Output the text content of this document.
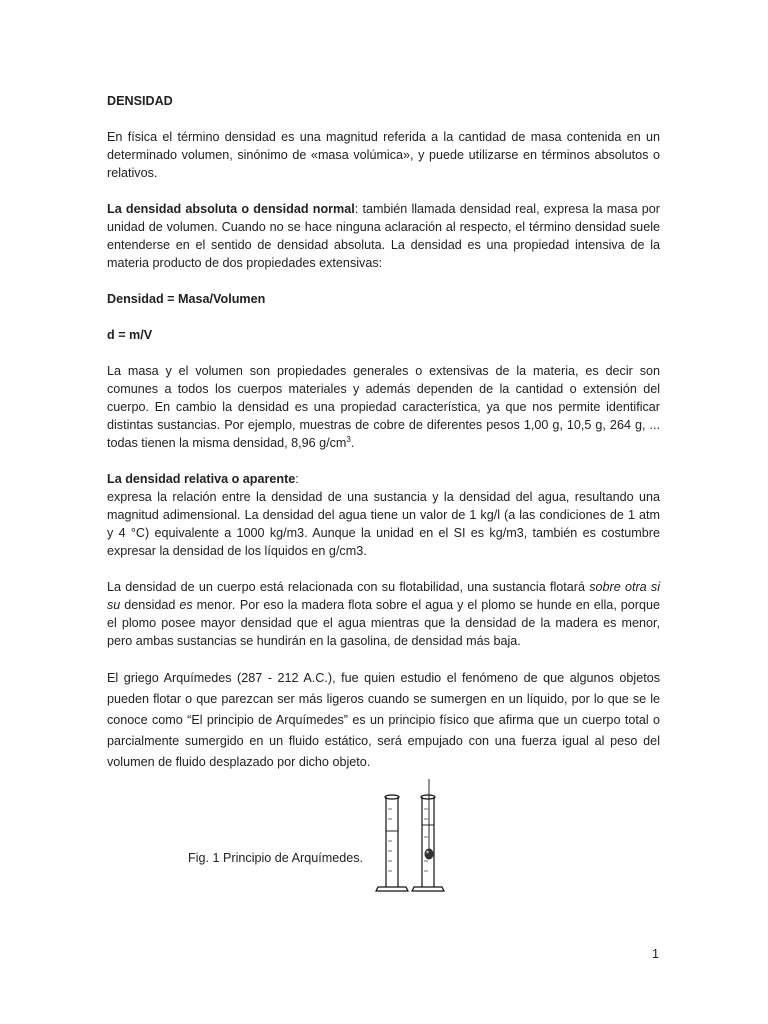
DENSIDAD

En física el término densidad es una magnitud referida a la cantidad de masa contenida en un determinado volumen, sinónimo de «masa volúmica», y puede utilizarse en términos absolutos o relativos.

La densidad absoluta o densidad normal: también llamada densidad real, expresa la masa por unidad de volumen. Cuando no se hace ninguna aclaración al respecto, el término densidad suele entenderse en el sentido de densidad absoluta. La densidad es una propiedad intensiva de la materia producto de dos propiedades extensivas:

Densidad = Masa/Volumen

d = m/V

La masa y el volumen son propiedades generales o extensivas de la materia, es decir son comunes a todos los cuerpos materiales y además dependen de la cantidad o extensión del cuerpo. En cambio la densidad es una propiedad característica, ya que nos permite identificar distintas sustancias. Por ejemplo, muestras de cobre de diferentes pesos 1,00 g, 10,5 g, 264 g, ... todas tienen la misma densidad, 8,96 $g/cm^3$.

La densidad relativa o aparente:

expresa la relación entre la densidad de una sustancia y la densidad del agua, resultando una magnitud adimensional. La densidad del agua tiene un valor de 1 kg/l (a las condiciones de 1 atm y 4 °C) equivalente a 1000 kg/m3. Aunque la unidad en el SI es kg/m3, también es costumbre expresar la densidad de los líquidos en g/cm3.

La densidad de un cuerpo está relacionada con su flotabilidad, una sustancia flotará sobre otra si su densidad es menor. Por eso la madera flota sobre el agua y el plomo se hunde en ella, porque el plomo posee mayor densidad que el agua mientras que la densidad de la madera es menor, pero ambas sustancias se hundirán en la gasolina, de densidad más baja.

El griego Arquímedes (287 - 212 A.C.), fue quien estudio el fenómeno de que algunos objetos pueden flotar o que parezcan ser más ligeros cuando se sumergen en un líquido, por lo que se le conoce como “El principio de Arquímedes” es un principio físico que afirma que un cuerpo total o parcialmente sumergido en un fluido estático, será empujado con una fuerza igual al peso del volumen de fluido desplazado por dicho objeto.

Fig. 1 Principio de Arquímedes.

1
